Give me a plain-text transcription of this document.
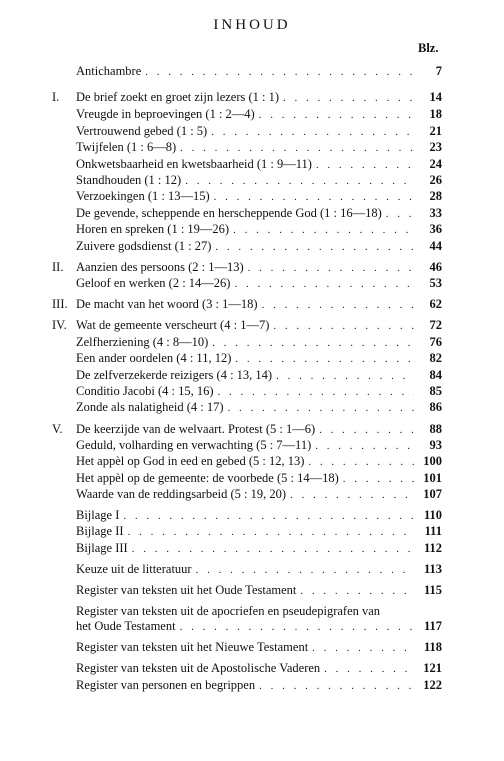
INHOUD
Blz.
Antichambre . . .	7
I.	De brief zoekt en groet zijn lezers (1 : 1) . . .	14
Vreugde in beproevingen (1 : 2—4) . . .	18
Vertrouwend gebed (1 : 5) . . .	21
Twijfelen (1 : 6—8) . . .	23
Onkwetsbaarheid en kwetsbaarheid (1 : 9—11) . . .	24
Standhouden (1 : 12) . . .	26
Verzoekingen (1 : 13—15) . . .	28
De gevende, scheppende en herscheppende God (1 : 16—18) . . .	33
Horen en spreken (1 : 19—26) . . .	36
Zuivere godsdienst (1 : 27) . . .	44
II.	Aanzien des persoons (2 : 1—13) . . .	46
Geloof en werken (2 : 14—26) . . .	53
III. De macht van het woord (3 : 1—18) . . .	62
IV. Wat de gemeente verscheurt (4 : 1—7) . . .	72
Zelfherziening (4 : 8—10) . . .	76
Een ander oordelen (4 : 11, 12) . . .	82
De zelfverzekerde reizigers (4 : 13, 14) . . .	84
Conditio Jacobi (4 : 15, 16) . . .	85
Zonde als nalatigheid (4 : 17) . . .	86
V.	De keerzijde van de welvaart. Protest (5 : 1—6) . . .	88
Geduld, volharding en verwachting (5 : 7—11) . . .	93
Het appèl op God in eed en gebed (5 : 12, 13) . . .	100
Het appèl op de gemeente: de voorbede (5 : 14—18) . . .	101
Waarde van de reddingsarbeid (5 : 19, 20) . . .	107
Bijlage I . . .	110
Bijlage II . . .	111
Bijlage III . . .	112
Keuze uit de litteratuur . . .	113
Register van teksten uit het Oude Testament . . .	115
Register van teksten uit de apocriefen en pseudepigrafen van
het Oude Testament . . .	117
Register van teksten uit het Nieuwe Testament . . .	118
Register van teksten uit de Apostolische Vaderen . . .	121
Register van personen en begrippen . . .	122
